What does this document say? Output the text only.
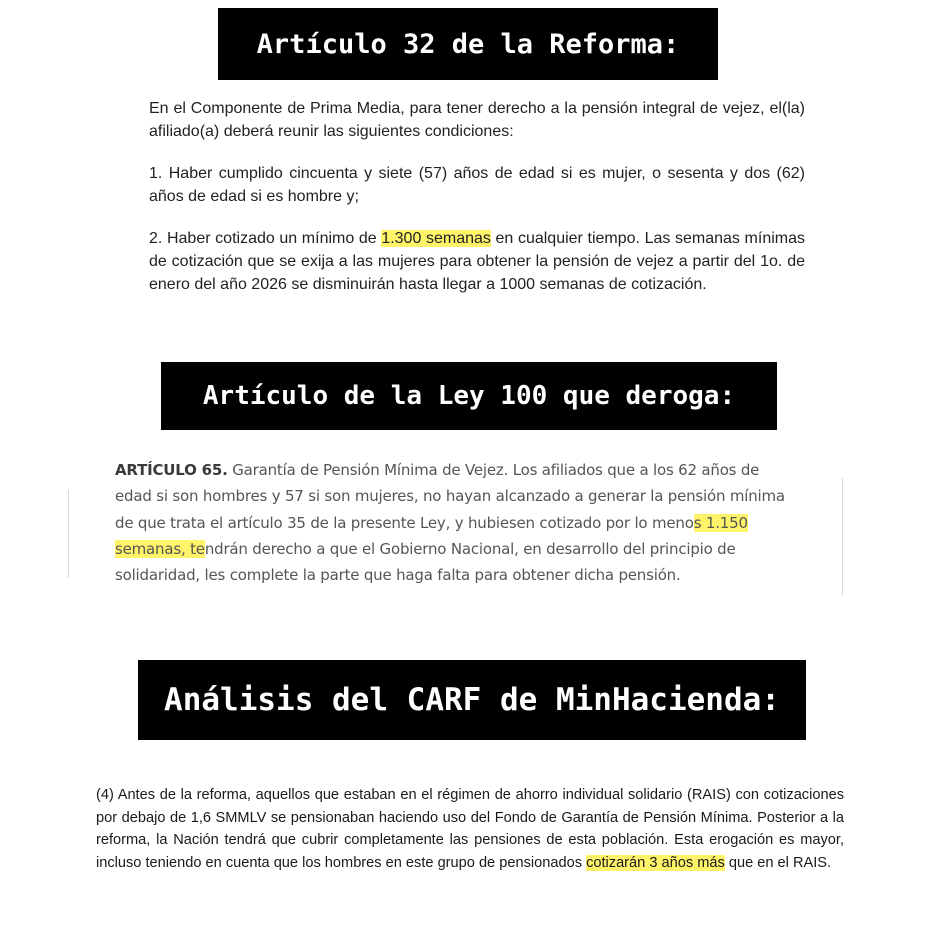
Artículo 32 de la Reforma:

En el Componente de Prima Media, para tener derecho a la pensión integral de vejez, el(la) afiliado(a) deberá reunir las siguientes condiciones:

1. Haber cumplido cincuenta y siete (57) años de edad si es mujer, o sesenta y dos (62) años de edad si es hombre y;

2. Haber cotizado un mínimo de 1.300 semanas en cualquier tiempo. Las semanas mínimas de cotización que se exija a las mujeres para obtener la pensión de vejez a partir del 1o. de enero del año 2026 se disminuirán hasta llegar a 1000 semanas de cotización.

Artículo de la Ley 100 que deroga:

ARTÍCULO 65. Garantía de Pensión Mínima de Vejez. Los afiliados que a los 62 años de edad si son hombres y 57 si son mujeres, no hayan alcanzado a generar la pensión mínima de que trata el artículo 35 de la presente Ley, y hubiesen cotizado por lo menos 1.150 semanas, tendrán derecho a que el Gobierno Nacional, en desarrollo del principio de solidaridad, les complete la parte que haga falta para obtener dicha pensión.

Análisis del CARF de MinHacienda:

(4) Antes de la reforma, aquellos que estaban en el régimen de ahorro individual solidario (RAIS) con cotizaciones por debajo de 1,6 SMMLV se pensionaban haciendo uso del Fondo de Garantía de Pensión Mínima. Posterior a la reforma, la Nación tendrá que cubrir completamente las pensiones de esta población. Esta erogación es mayor, incluso teniendo en cuenta que los hombres en este grupo de pensionados cotizarán 3 años más que en el RAIS.
